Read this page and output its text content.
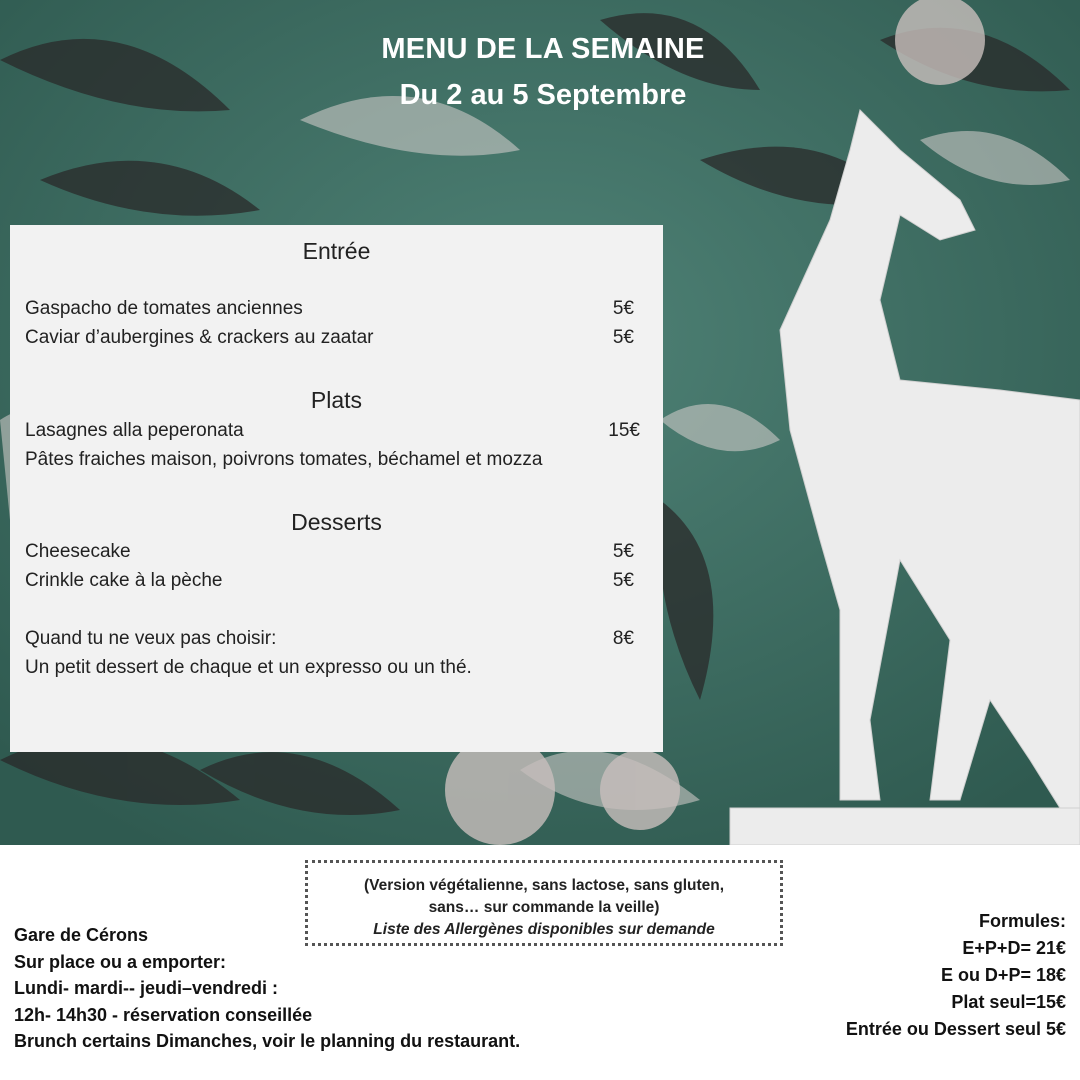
MENU DE LA SEMAINE
Du 2 au 5 Septembre
Entrée
Gaspacho de tomates anciennes	5€
Caviar d’aubergines & crackers au zaatar	5€
Plats
Lasagnes alla peperonata	15€
Pâtes fraiches maison, poivrons tomates, béchamel et mozza
Desserts
Cheesecake	5€
Crinkle cake à la pèche	5€
Quand tu ne veux pas choisir:	8€
Un petit dessert de chaque et un expresso ou un thé.
(Version végétalienne, sans lactose, sans gluten,
sans… sur commande la veille)
Liste des Allergènes disponibles sur demande
Gare de Cérons
Sur place ou a emporter:
Lundi- mardi-- jeudi–vendredi :
12h- 14h30 - réservation conseillée
Brunch certains Dimanches, voir le planning du restaurant.
Formules:
E+P+D= 21€
E ou D+P= 18€
Plat seul=15€
Entrée ou Dessert seul 5€
